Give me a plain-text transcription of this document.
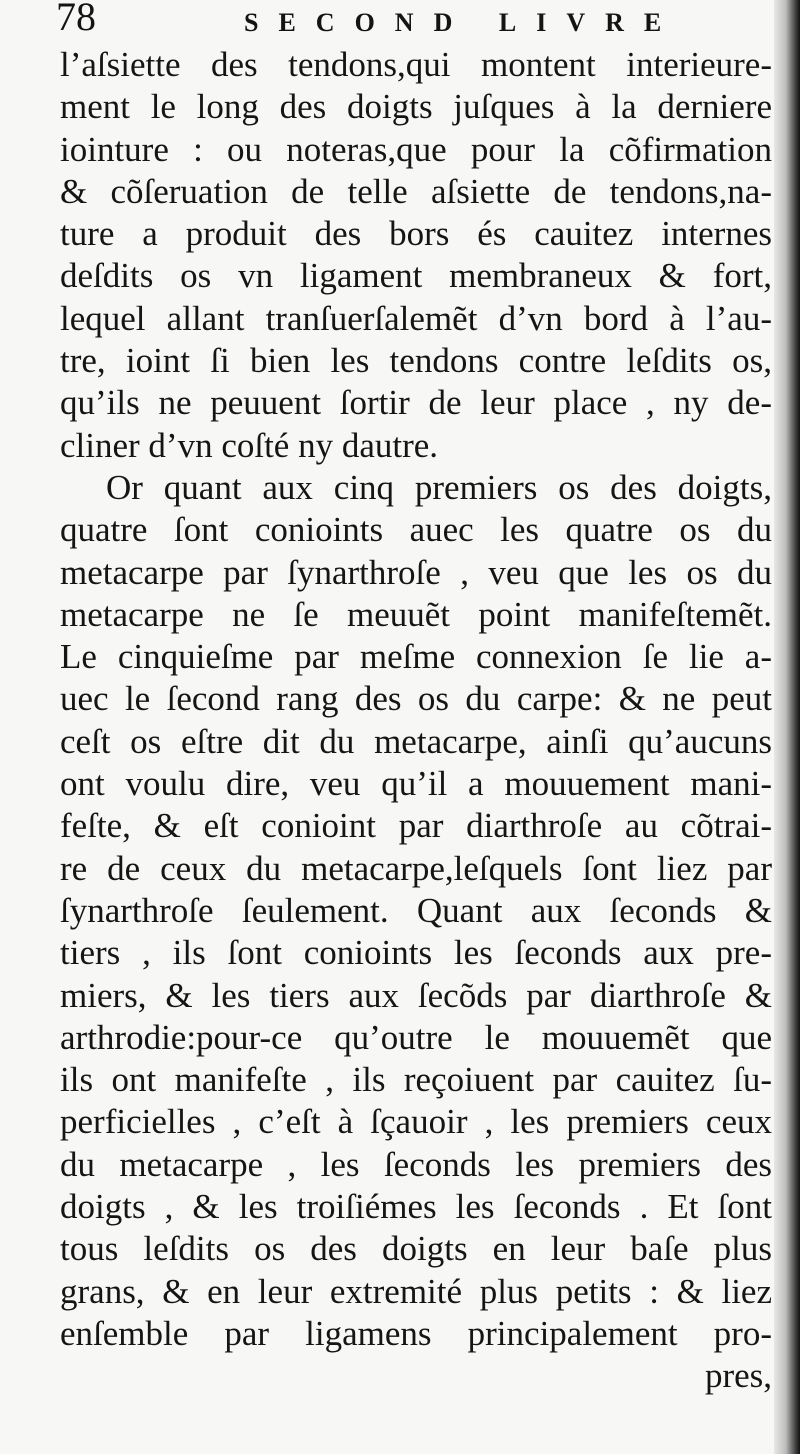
78	SECOND LIVRE
l’aſsiette des tendons,qui montent interieure-
ment le long des doigts juſques à la derniere
iointure : ou noteras,que pour la cõfirmation
& cõſeruation de telle aſsiette de tendons,na-
ture a produit des bors és cauitez internes
deſdits os vn ligament membraneux & fort,
lequel allant tranſuerſalemẽt d’vn bord à l’au-
tre, ioint ſi bien les tendons contre leſdits os,
qu’ils ne peuuent ſortir de leur place , ny de-
cliner d’vn coſté ny dautre.
Or quant aux cinq premiers os des doigts,
quatre ſont conioints auec les quatre os du
metacarpe par ſynarthroſe , veu que les os du
metacarpe ne ſe meuuẽt point manifeſtemẽt.
Le cinquieſme par meſme connexion ſe lie a-
uec le ſecond rang des os du carpe: & ne peut
ceſt os eſtre dit du metacarpe, ainſi qu’aucuns
ont voulu dire, veu qu’il a mouuement mani-
feſte, & eſt conioint par diarthroſe au cõtrai-
re de ceux du metacarpe,leſquels ſont liez par
ſynarthroſe ſeulement. Quant aux ſeconds &
tiers , ils ſont conioints les ſeconds aux pre-
miers, & les tiers aux ſecõds par diarthroſe &
arthrodie:pour-ce qu’outre le mouuemẽt que
ils ont manifeſte , ils reçoiuent par cauitez ſu-
perficielles , c’eſt à ſçauoir , les premiers ceux
du metacarpe , les ſeconds les premiers des
doigts , & les troiſiémes les ſeconds . Et ſont
tous leſdits os des doigts en leur baſe plus
grans, & en leur extremité plus petits : & liez
enſemble par ligamens principalement pro-
pres,
